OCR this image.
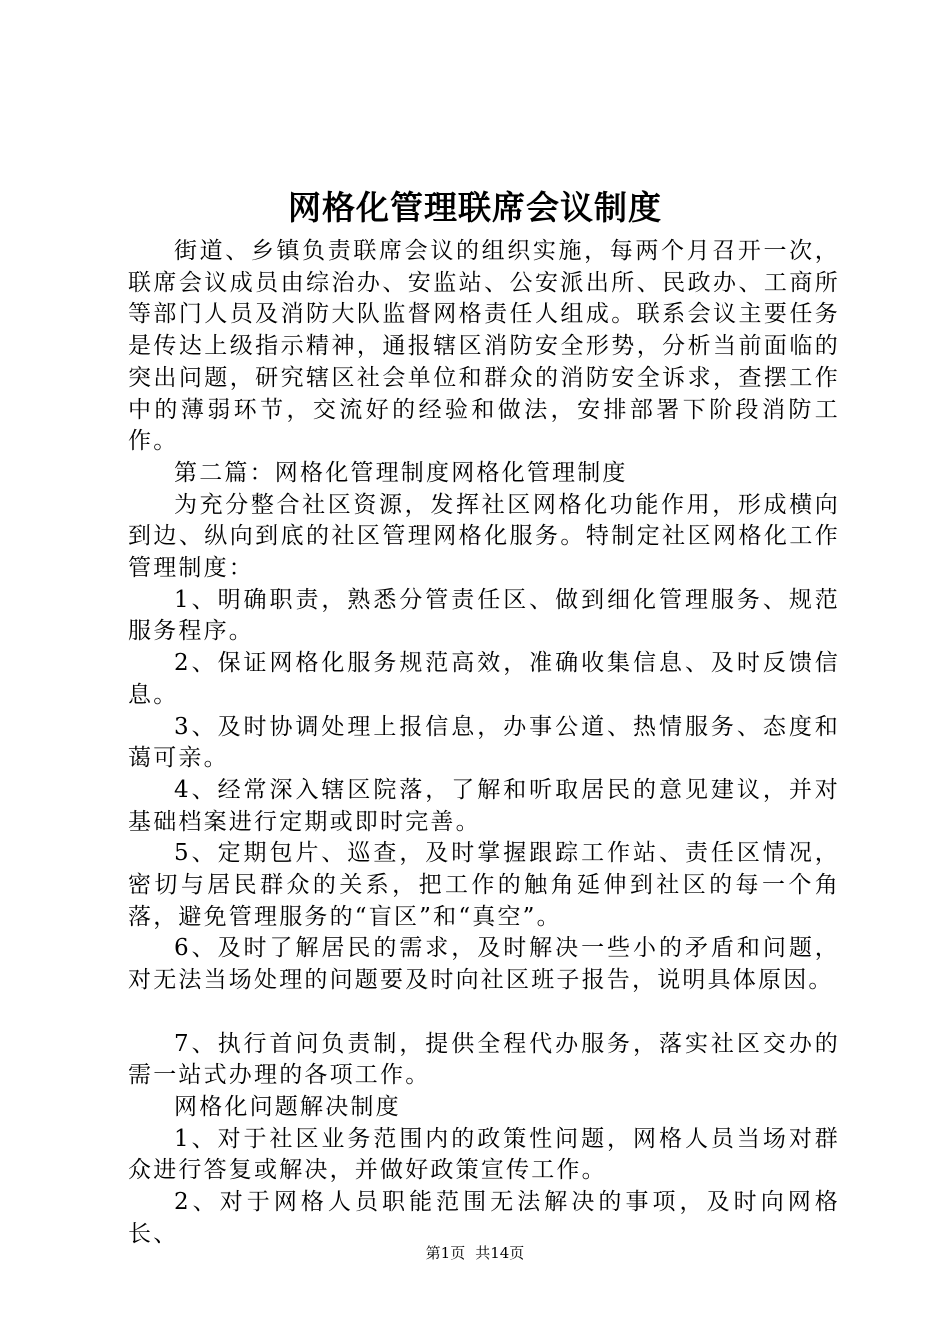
网格化管理联席会议制度

街道、乡镇负责联席会议的组织实施，每两个月召开一次，联席会议成员由综治办、安监站、公安派出所、民政办、工商所等部门人员及消防大队监督网格责任人组成。联系会议主要任务是传达上级指示精神，通报辖区消防安全形势，分析当前面临的突出问题，研究辖区社会单位和群众的消防安全诉求，查摆工作中的薄弱环节，交流好的经验和做法，安排部署下阶段消防工作。

第二篇：网格化管理制度网格化管理制度

为充分整合社区资源，发挥社区网格化功能作用，形成横向到边、纵向到底的社区管理网格化服务。特制定社区网格化工作管理制度：

1、明确职责，熟悉分管责任区、做到细化管理服务、规范服务程序。

2、保证网格化服务规范高效，准确收集信息、及时反馈信息。

3、及时协调处理上报信息，办事公道、热情服务、态度和蔼可亲。

4、经常深入辖区院落，了解和听取居民的意见建议，并对基础档案进行定期或即时完善。

5、定期包片、巡查，及时掌握跟踪工作站、责任区情况，密切与居民群众的关系，把工作的触角延伸到社区的每一个角落，避免管理服务的“盲区”和“真空”。

6、及时了解居民的需求，及时解决一些小的矛盾和问题，对无法当场处理的问题要及时向社区班子报告，说明具体原因。

7、执行首问负责制，提供全程代办服务，落实社区交办的需一站式办理的各项工作。

网格化问题解决制度

1、对于社区业务范围内的政策性问题，网格人员当场对群众进行答复或解决，并做好政策宣传工作。

2、对于网格人员职能范围无法解决的事项，及时向网格长、

第1页 共14页
